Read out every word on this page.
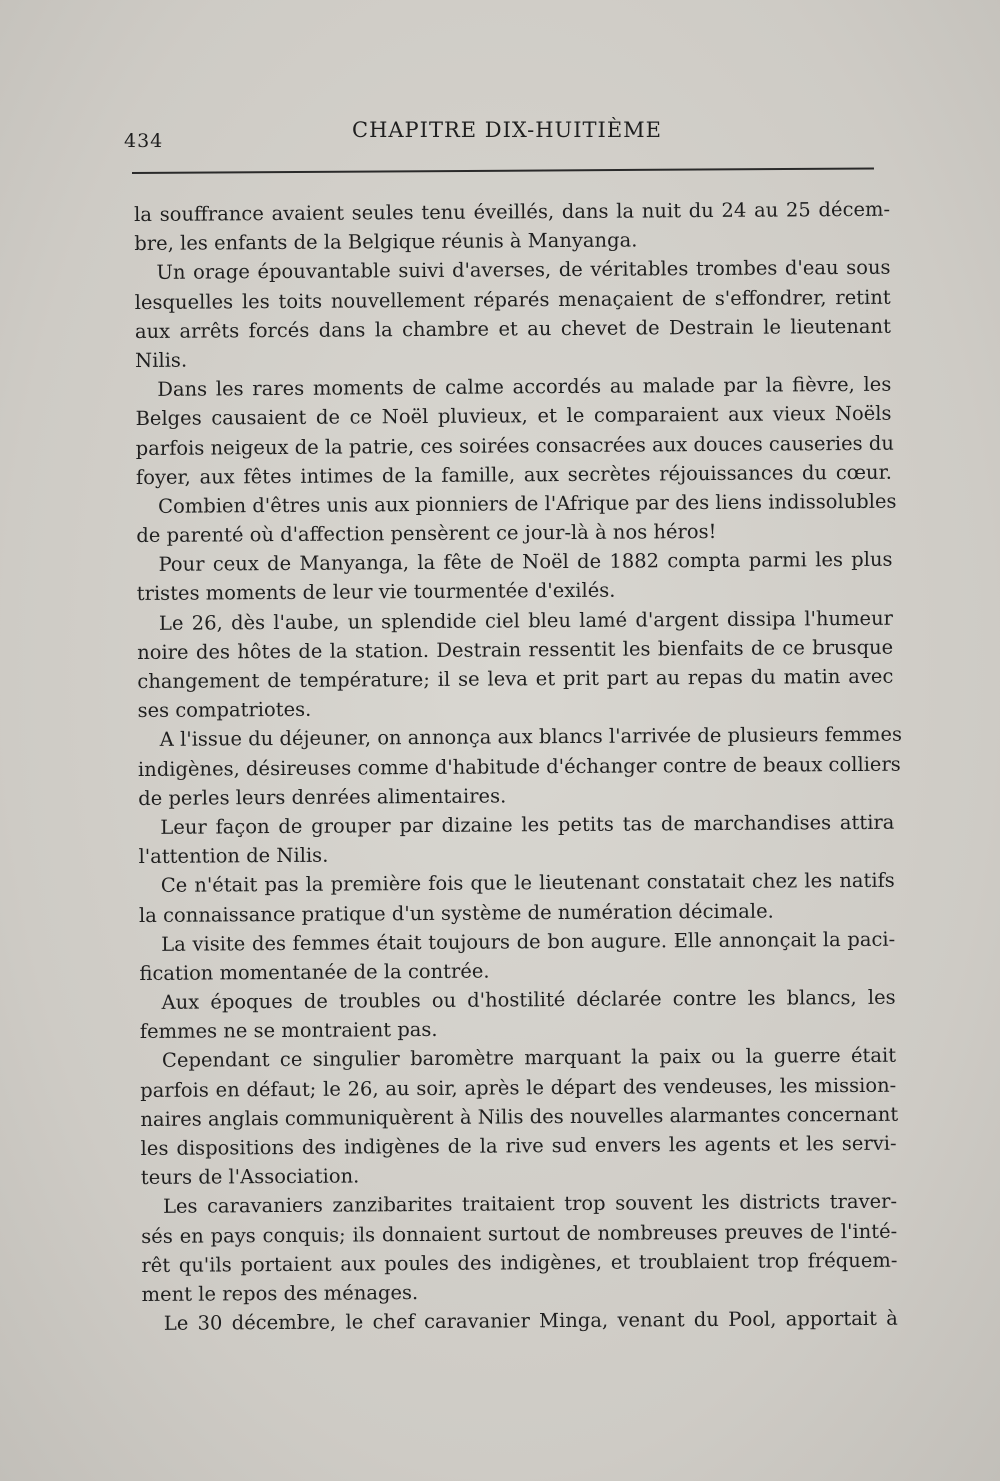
434	CHAPITRE DIX-HUITIÈME
la souffrance avaient seules tenu éveillés, dans la nuit du 24 au 25 décem-
bre, les enfants de la Belgique réunis à Manyanga.
Un orage épouvantable suivi d'averses, de véritables trombes d'eau sous
lesquelles les toits nouvellement réparés menaçaient de s'effondrer, retint
aux arrêts forcés dans la chambre et au chevet de Destrain le lieutenant
Nilis.
Dans les rares moments de calme accordés au malade par la fièvre, les
Belges causaient de ce Noël pluvieux, et le comparaient aux vieux Noëls
parfois neigeux de la patrie, ces soirées consacrées aux douces causeries du
foyer, aux fêtes intimes de la famille, aux secrètes réjouissances du cœur.
Combien d'êtres unis aux pionniers de l'Afrique par des liens indissolubles
de parenté où d'affection pensèrent ce jour-là à nos héros!
Pour ceux de Manyanga, la fête de Noël de 1882 compta parmi les plus
tristes moments de leur vie tourmentée d'exilés.
Le 26, dès l'aube, un splendide ciel bleu lamé d'argent dissipa l'humeur
noire des hôtes de la station. Destrain ressentit les bienfaits de ce brusque
changement de température; il se leva et prit part au repas du matin avec
ses compatriotes.
A l'issue du déjeuner, on annonça aux blancs l'arrivée de plusieurs femmes
indigènes, désireuses comme d'habitude d'échanger contre de beaux colliers
de perles leurs denrées alimentaires.
Leur façon de grouper par dizaine les petits tas de marchandises attira
l'attention de Nilis.
Ce n'était pas la première fois que le lieutenant constatait chez les natifs
la connaissance pratique d'un système de numération décimale.
La visite des femmes était toujours de bon augure. Elle annonçait la paci-
fication momentanée de la contrée.
Aux époques de troubles ou d'hostilité déclarée contre les blancs, les
femmes ne se montraient pas.
Cependant ce singulier baromètre marquant la paix ou la guerre était
parfois en défaut; le 26, au soir, après le départ des vendeuses, les mission-
naires anglais communiquèrent à Nilis des nouvelles alarmantes concernant
les dispositions des indigènes de la rive sud envers les agents et les servi-
teurs de l'Association.
Les caravaniers zanzibarites traitaient trop souvent les districts traver-
sés en pays conquis; ils donnaient surtout de nombreuses preuves de l'inté-
rêt qu'ils portaient aux poules des indigènes, et troublaient trop fréquem-
ment le repos des ménages.
Le 30 décembre, le chef caravanier Minga, venant du Pool, apportait à
